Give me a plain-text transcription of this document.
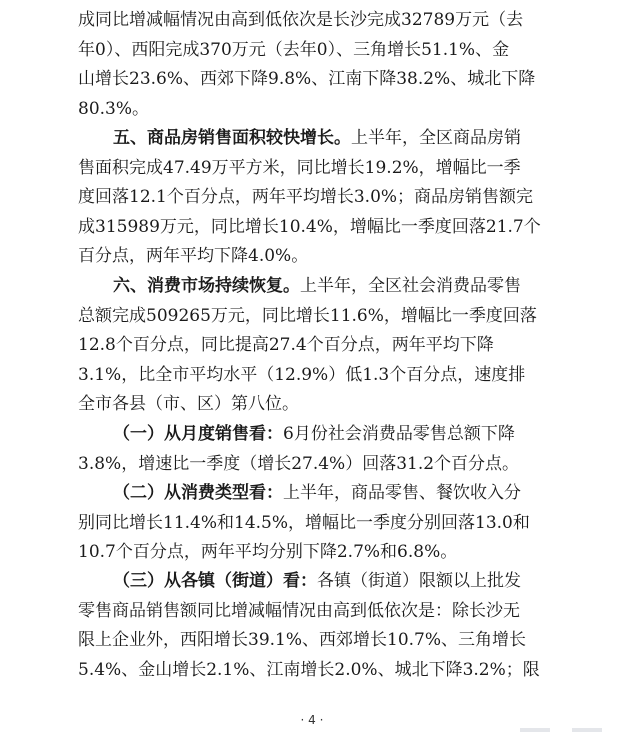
成同比增减幅情况由高到低依次是长沙完成32789万元（去
年0）、西阳完成370万元（去年0）、三角增长51.1%、金
山增长23.6%、西郊下降9.8%、江南下降38.2%、城北下降
80.3%。
五、商品房销售面积较快增长。上半年，全区商品房销
售面积完成47.49万平方米，同比增长19.2%，增幅比一季
度回落12.1个百分点，两年平均增长3.0%；商品房销售额完
成315989万元，同比增长10.4%，增幅比一季度回落21.7个
百分点，两年平均下降4.0%。
六、消费市场持续恢复。上半年，全区社会消费品零售
总额完成509265万元，同比增长11.6%，增幅比一季度回落
12.8个百分点，同比提高27.4个百分点，两年平均下降
3.1%，比全市平均水平（12.9%）低1.3个百分点，速度排
全市各县（市、区）第八位。
（一）从月度销售看：6月份社会消费品零售总额下降
3.8%，增速比一季度（增长27.4%）回落31.2个百分点。
（二）从消费类型看：上半年，商品零售、餐饮收入分
别同比增长11.4%和14.5%，增幅比一季度分别回落13.0和
10.7个百分点，两年平均分别下降2.7%和6.8%。
（三）从各镇（街道）看：各镇（街道）限额以上批发
零售商品销售额同比增减幅情况由高到低依次是：除长沙无
限上企业外，西阳增长39.1%、西郊增长10.7%、三角增长
5.4%、金山增长2.1%、江南增长2.0%、城北下降3.2%；限
· 4 ·
